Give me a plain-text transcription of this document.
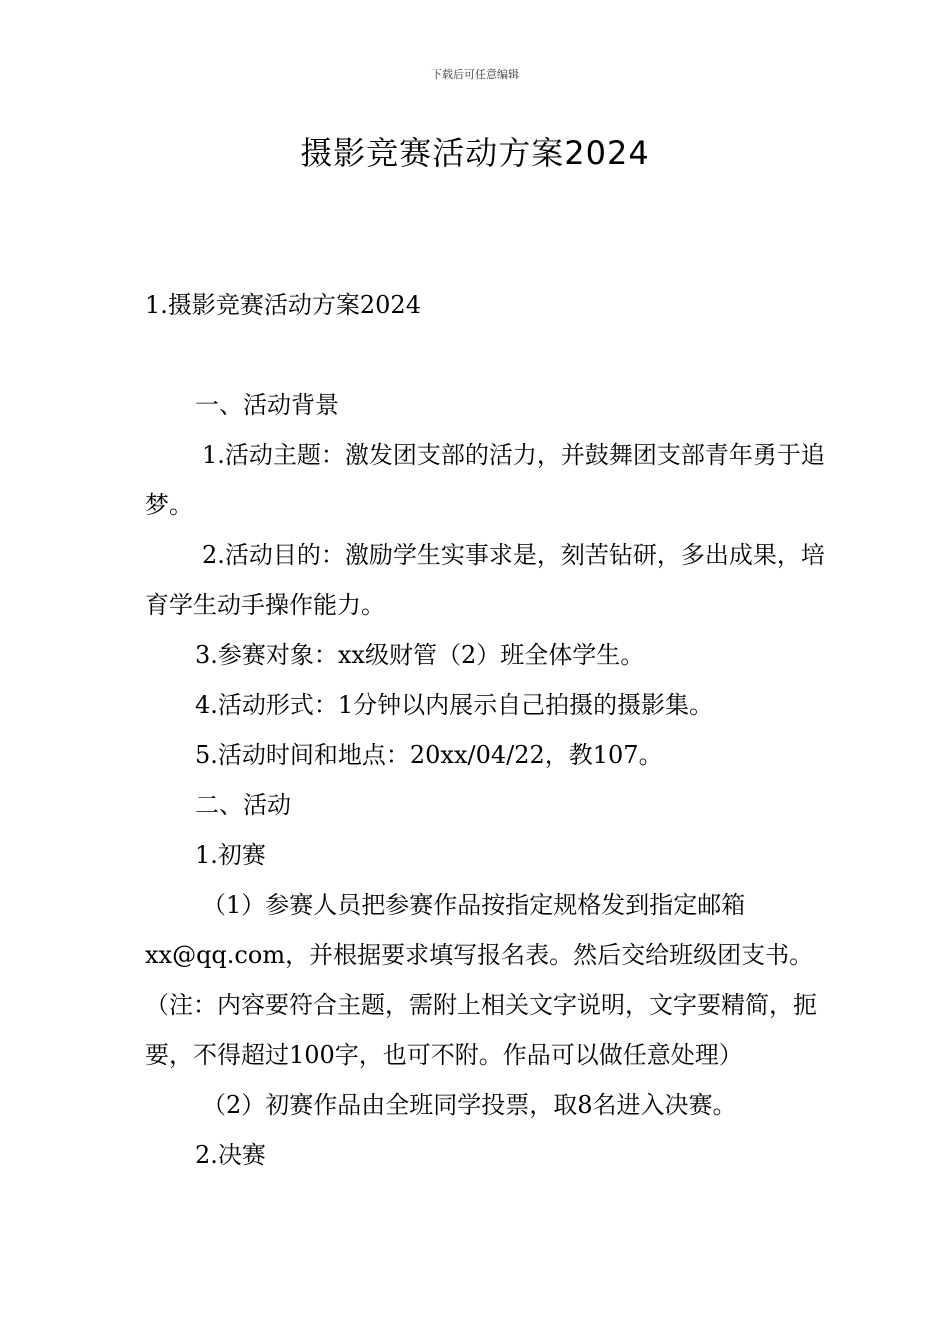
下载后可任意编辑
摄影竞赛活动方案2024

1.摄影竞赛活动方案2024

一、活动背景

1.活动主题：激发团支部的活力，并鼓舞团支部青年勇于追梦。

2.活动目的：激励学生实事求是，刻苦钻研，多出成果，培育学生动手操作能力。

3.参赛对象：xx级财管（2）班全体学生。

4.活动形式：1分钟以内展示自己拍摄的摄影集。

5.活动时间和地点：20xx/04/22，教107。

二、活动

1.初赛

（1）参赛人员把参赛作品按指定规格发到指定邮箱xx@qq.com，并根据要求填写报名表。然后交给班级团支书。（注：内容要符合主题，需附上相关文字说明，文字要精简，扼要，不得超过100字，也可不附。作品可以做任意处理）

（2）初赛作品由全班同学投票，取8名进入决赛。

2.决赛
